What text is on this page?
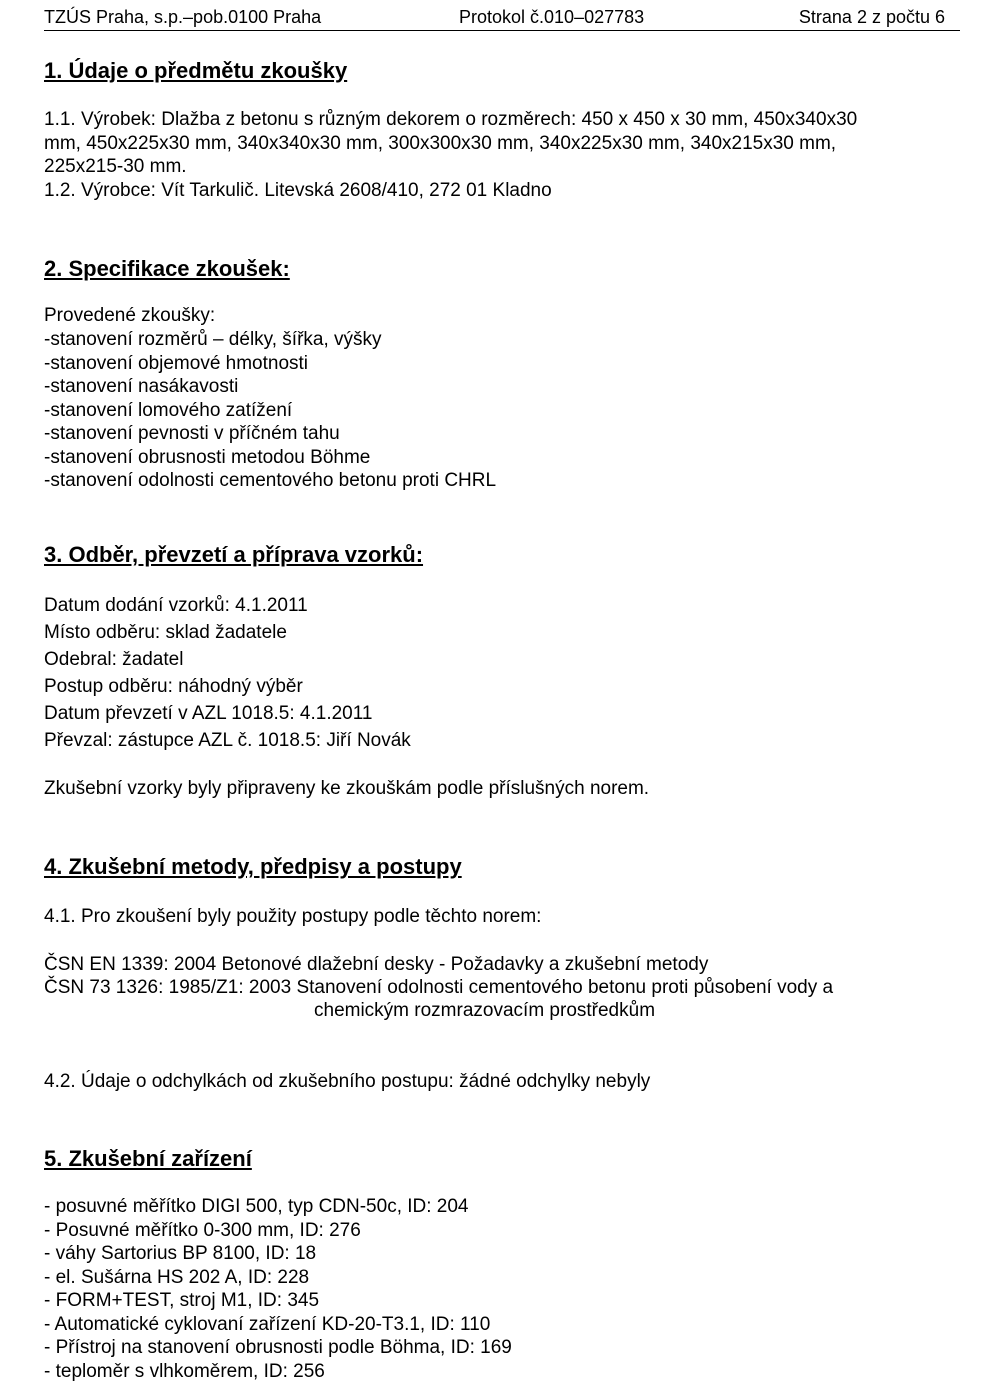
TZÚS Praha, s.p.–pob.0100 Praha	Protokol č.010–027783	Strana 2 z počtu 6
1. Údaje o předmětu zkoušky
1.1. Výrobek: Dlažba z betonu s různým dekorem o rozměrech: 450 x 450 x 30 mm, 450x340x30
mm, 450x225x30 mm, 340x340x30 mm, 300x300x30 mm, 340x225x30 mm, 340x215x30 mm,
225x215-30 mm.
1.2. Výrobce: Vít Tarkulič. Litevská 2608/410, 272 01 Kladno
2. Specifikace zkoušek:
Provedené zkoušky:
-stanovení rozměrů – délky, šířka, výšky
-stanovení objemové hmotnosti
-stanovení nasákavosti
-stanovení lomového zatížení
-stanovení pevnosti v příčném tahu
-stanovení obrusnosti metodou Böhme
-stanovení odolnosti cementového betonu proti CHRL
3. Odběr, převzetí a příprava vzorků:
Datum dodání vzorků: 4.1.2011
Místo odběru: sklad žadatele
Odebral: žadatel
Postup odběru: náhodný výběr
Datum převzetí v AZL 1018.5: 4.1.2011
Převzal: zástupce AZL č. 1018.5: Jiří Novák
Zkušební vzorky byly připraveny ke zkouškám podle příslušných norem.
4. Zkušební metody, předpisy a postupy
4.1. Pro zkoušení byly použity postupy podle těchto norem:
ČSN EN 1339: 2004 Betonové dlažební desky - Požadavky a zkušební metody
ČSN 73 1326: 1985/Z1: 2003 Stanovení odolnosti cementového betonu proti působení vody a
chemickým rozmrazovacím prostředkům
4.2. Údaje o odchylkách od zkušebního postupu: žádné odchylky nebyly
5. Zkušební zařízení
- posuvné měřítko DIGI 500, typ CDN-50c, ID: 204
- Posuvné měřítko 0-300 mm, ID: 276
- váhy Sartorius BP 8100, ID: 18
- el. Sušárna HS 202 A, ID: 228
- FORM+TEST, stroj M1, ID: 345
- Automatické cyklovaní zařízení KD-20-T3.1, ID: 110
- Přístroj na stanovení obrusnosti podle Böhma, ID: 169
- teploměr s vlhkoměrem, ID: 256
